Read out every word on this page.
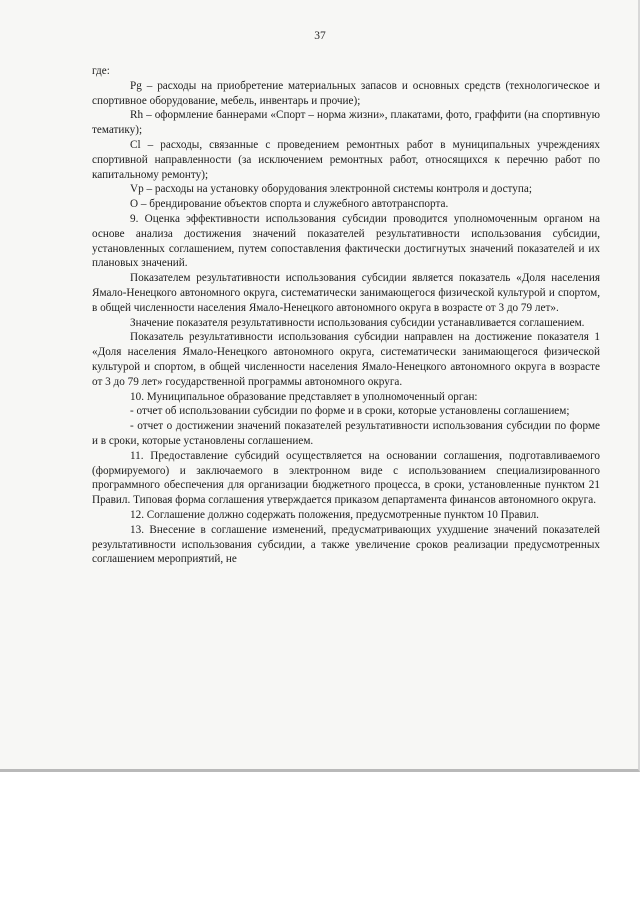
37

где:

Pg – расходы на приобретение материальных запасов и основных средств (технологическое и спортивное оборудование, мебель, инвентарь и прочие);

Rh – оформление баннерами «Спорт – норма жизни», плакатами, фото, граффити (на спортивную тематику);

Cl – расходы, связанные с проведением ремонтных работ в муниципальных учреждениях спортивной направленности (за исключением ремонтных работ, относящихся к перечню работ по капитальному ремонту);

Vp – расходы на установку оборудования электронной системы контроля и доступа;

O – брендирование объектов спорта и служебного автотранспорта.

9. Оценка эффективности использования субсидии проводится уполномоченным органом на основе анализа достижения значений показателей результативности использования субсидии, установленных соглашением, путем сопоставления фактически достигнутых значений показателей и их плановых значений.

Показателем результативности использования субсидии является показатель «Доля населения Ямало-Ненецкого автономного округа, систематически занимающегося физической культурой и спортом, в общей численности населения Ямало-Ненецкого автономного округа в возрасте от 3 до 79 лет».

Значение показателя результативности использования субсидии устанавливается соглашением.

Показатель результативности использования субсидии направлен на достижение показателя 1 «Доля населения Ямало-Ненецкого автономного округа, систематически занимающегося физической культурой и спортом, в общей численности населения Ямало-Ненецкого автономного округа в возрасте от 3 до 79 лет» государственной программы автономного округа.

10. Муниципальное образование представляет в уполномоченный орган:

- отчет об использовании субсидии по форме и в сроки, которые установлены соглашением;

- отчет о достижении значений показателей результативности использования субсидии по форме и в сроки, которые установлены соглашением.

11. Предоставление субсидий осуществляется на основании соглашения, подготавливаемого (формируемого) и заключаемого в электронном виде с использованием специализированного программного обеспечения для организации бюджетного процесса, в сроки, установленные пунктом 21 Правил. Типовая форма соглашения утверждается приказом департамента финансов автономного округа.

12. Соглашение должно содержать положения, предусмотренные пунктом 10 Правил.

13. Внесение в соглашение изменений, предусматривающих ухудшение значений показателей результативности использования субсидии, а также увеличение сроков реализации предусмотренных соглашением мероприятий, не
